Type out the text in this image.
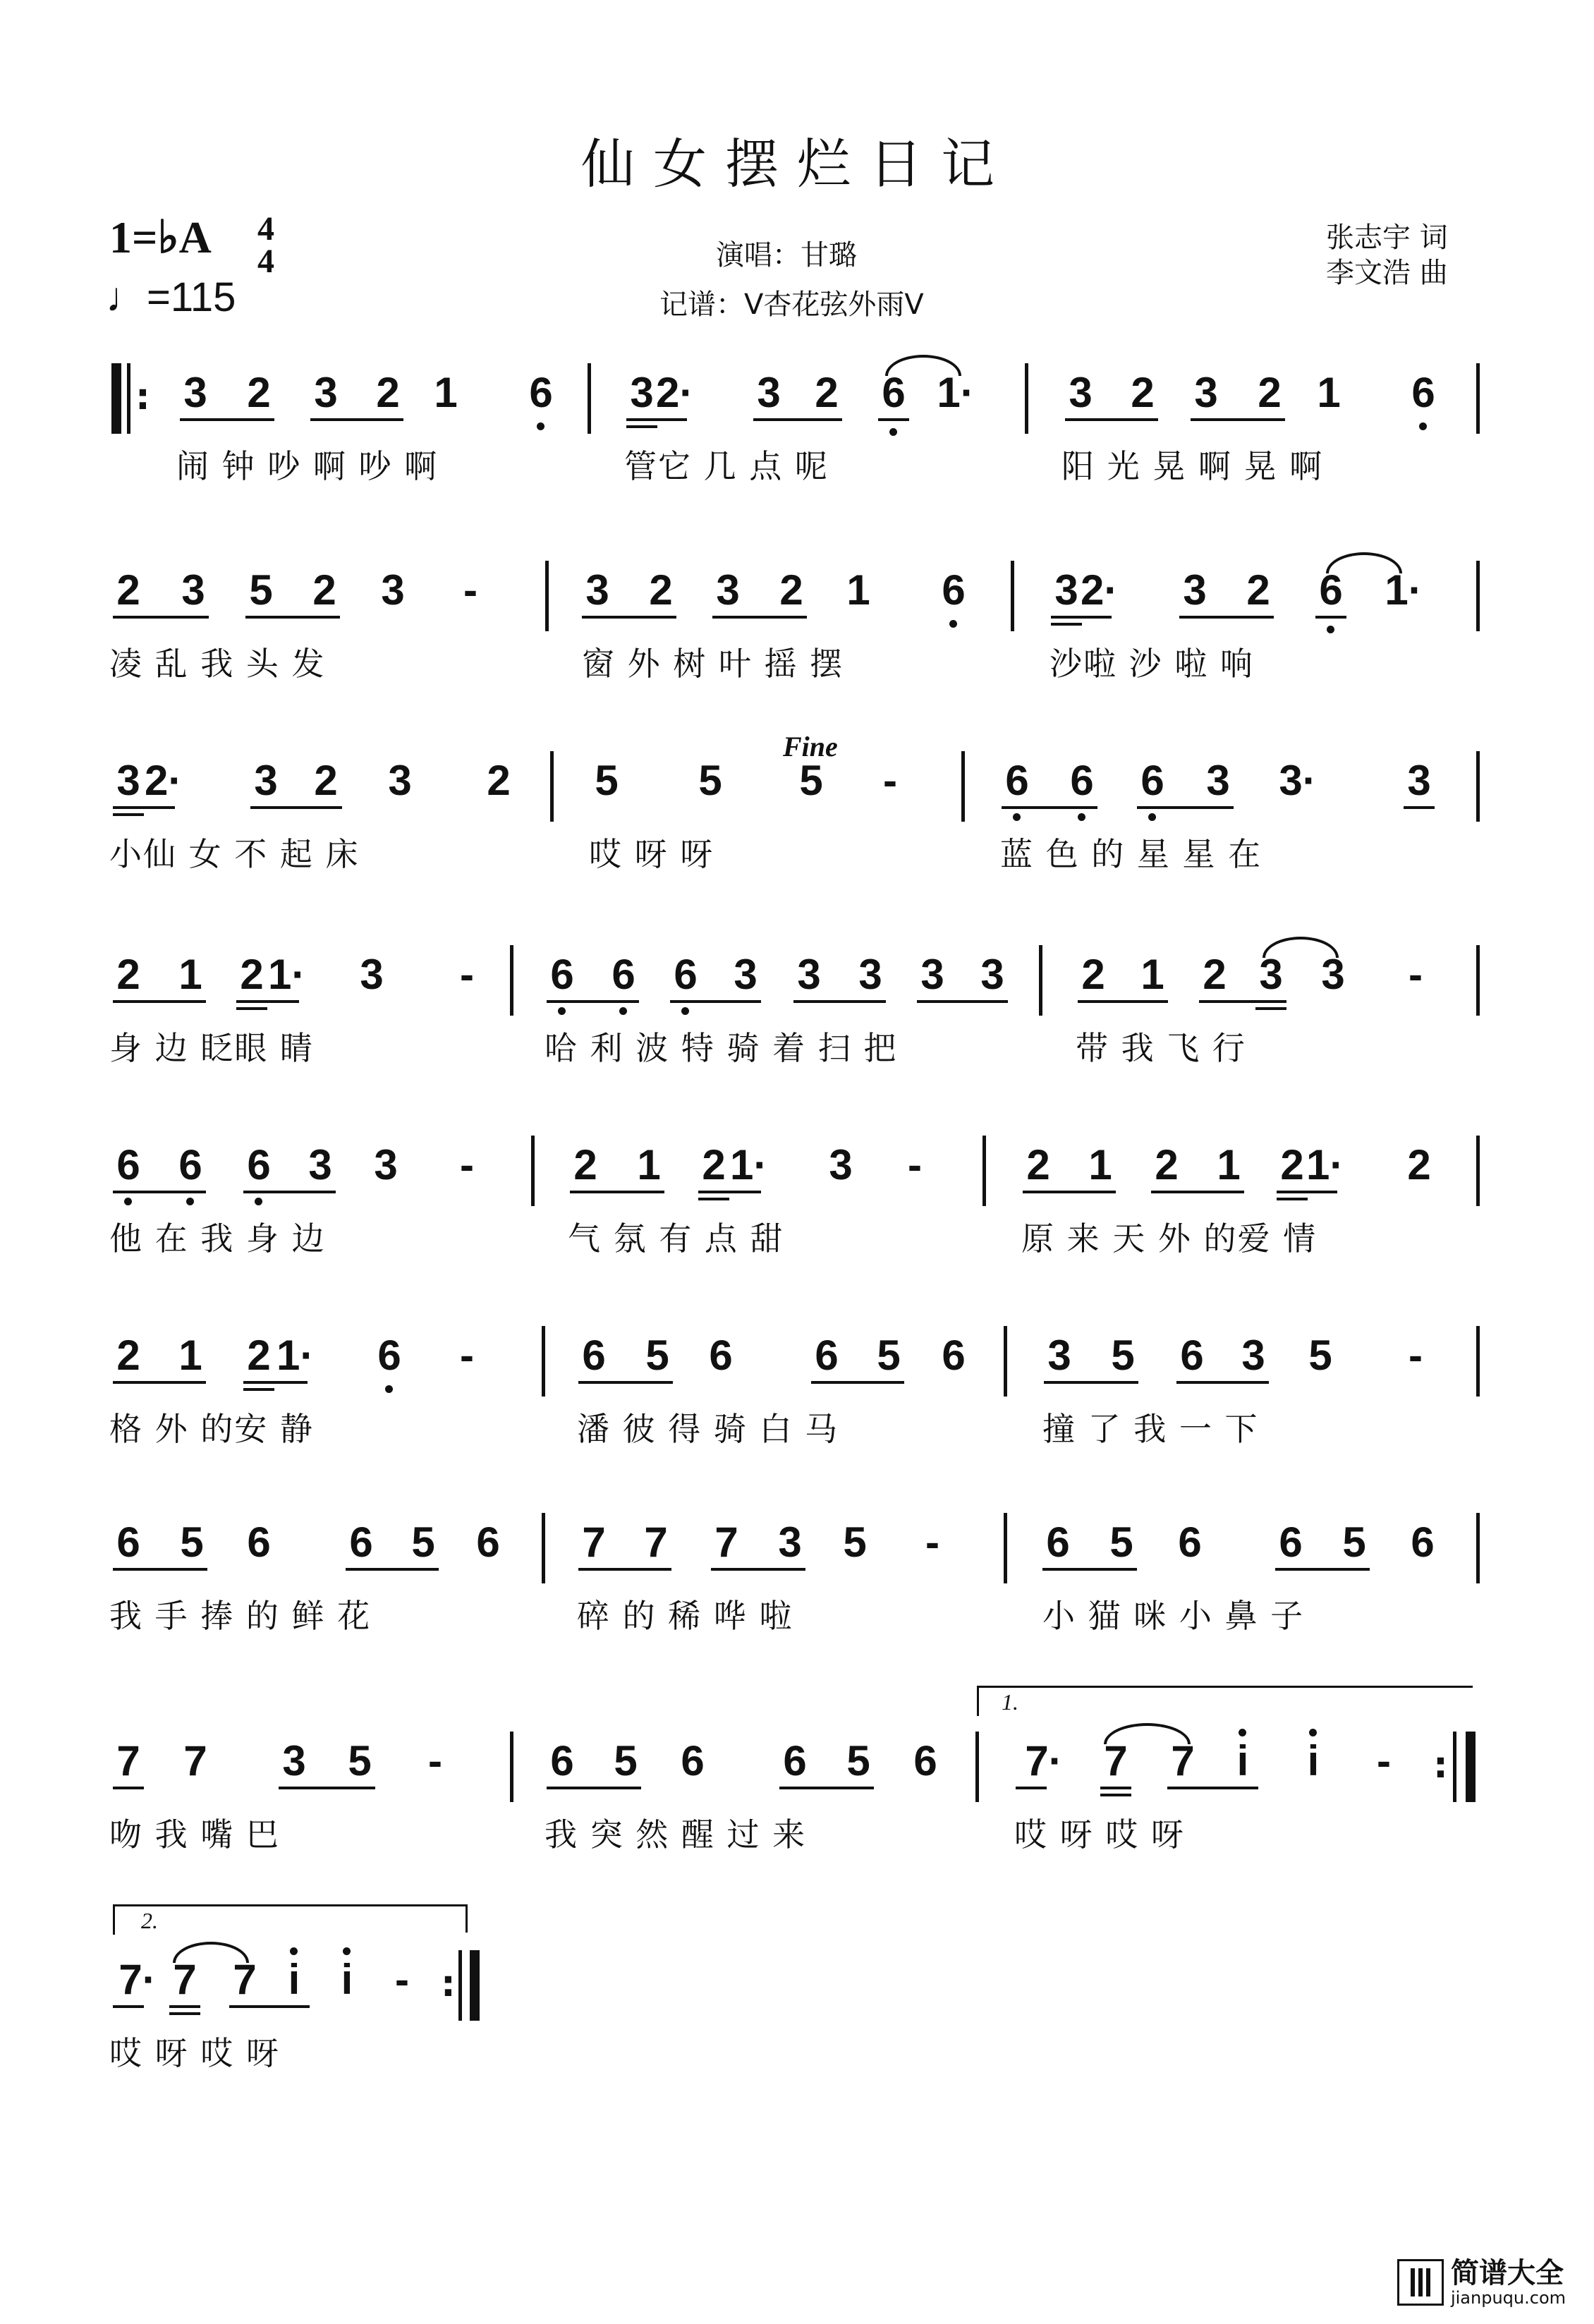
仙女摆烂日记
1=♭A 4
4
♩=115
演唱：甘璐
记谱：V杏花弦外雨V
张志宇 词
李文浩 曲
: 3 2 3 2 1 6 3 2· 3 2 6 1· 3 2 3 2 1 6
闹 钟 吵 啊 吵 啊	管它 几 点 呢	阳 光 晃 啊 晃 啊
2 3 5 2 3 -	3 2 3 2 1 6 3 2· 3 2 6 1·
凌 乱 我 头 发	窗 外 树 叶 摇 摆	沙啦 沙 啦 响
Fine
3 2· 3 2 3 2 5 5 5 -	6 6 6 3 3· 3
小仙 女 不 起 床	哎 呀 呀	蓝 色 的 星 星 在
2 1 2 1· 3 - 6 6 6 3 3 3 3 3 2 1 2 3 3 -
身 边 眨眼 睛	哈 利 波 特 骑 着 扫 把	带 我 飞 行
6 6 6 3 3 - 2 1 2 1· 3 - 2 1 2 1 2 1· 2
他 在 我 身 边	气 氛 有 点 甜	原 来 天 外 的爱 情
2 1 2 1· 6 -	6 5 6 6 5 6 3 5 6 3 5 -
格 外 的安 静	潘 彼 得 骑 白 马	撞 了 我 一 下
6 5 6 6 5 6 7 7 7 3 5 -	6 5 6 6 5 6
我 手 捧 的 鲜 花	碎 的 稀 哗 啦	小 猫 咪 小 鼻 子
1.
7 7 3 5 -	6 5 6 6 5 6 7· 7 7 i i - :
吻 我 嘴 巴	我 突 然 醒 过 来	哎 呀 哎 呀
2.
7· 7 7 i i - :
哎 呀 哎 呀
简谱大全
jianpuqu.com
